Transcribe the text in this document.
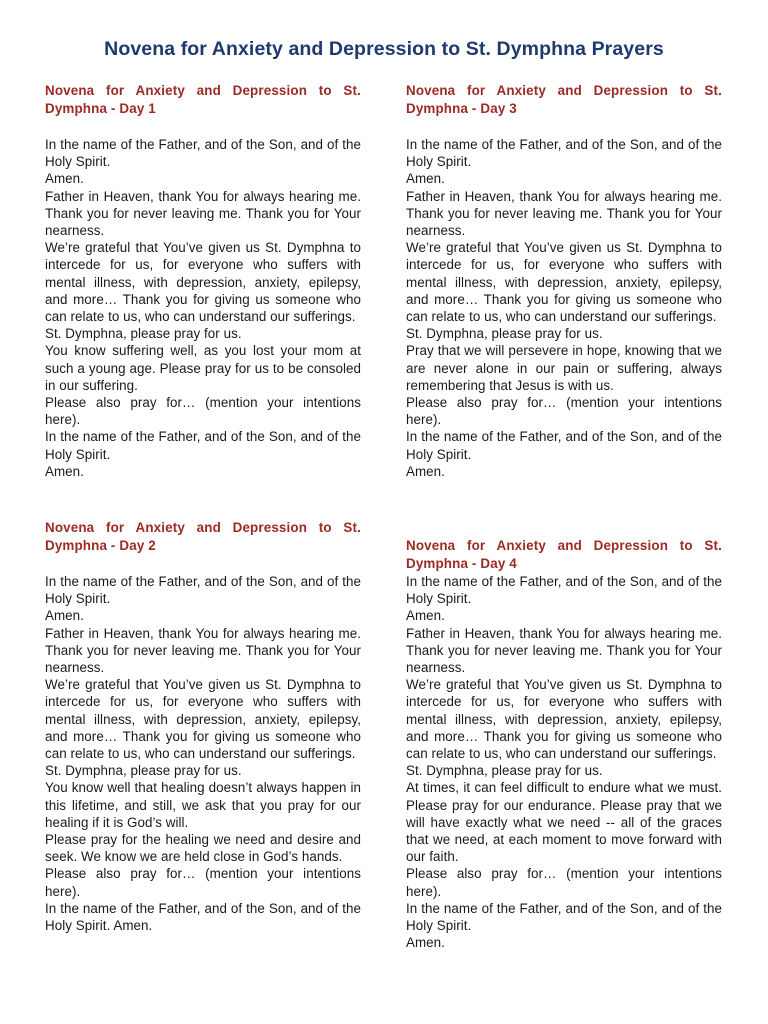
Novena for Anxiety and Depression to St. Dymphna Prayers
Novena for Anxiety and Depression to St. Dymphna - Day 1
In the name of the Father, and of the Son, and of the Holy Spirit.
Amen.
Father in Heaven, thank You for always hearing me. Thank you for never leaving me. Thank you for Your nearness.
We’re grateful that You’ve given us St. Dymphna to intercede for us, for everyone who suffers with mental illness, with depression, anxiety, epilepsy, and more… Thank you for giving us someone who can relate to us, who can understand our sufferings.
St. Dymphna, please pray for us.
You know suffering well, as you lost your mom at such a young age. Please pray for us to be consoled in our suffering.
Please also pray for… (mention your intentions here).
In the name of the Father, and of the Son, and of the Holy Spirit.
Amen.
Novena for Anxiety and Depression to St. Dymphna - Day 2
In the name of the Father, and of the Son, and of the Holy Spirit.
Amen.
Father in Heaven, thank You for always hearing me. Thank you for never leaving me. Thank you for Your nearness.
We’re grateful that You’ve given us St. Dymphna to intercede for us, for everyone who suffers with mental illness, with depression, anxiety, epilepsy, and more… Thank you for giving us someone who can relate to us, who can understand our sufferings.
St. Dymphna, please pray for us.
You know well that healing doesn’t always happen in this lifetime, and still, we ask that you pray for our healing if it is God’s will.
Please pray for the healing we need and desire and seek. We know we are held close in God’s hands.
Please also pray for… (mention your intentions here).
In the name of the Father, and of the Son, and of the Holy Spirit. Amen.
Novena for Anxiety and Depression to St. Dymphna - Day 3
In the name of the Father, and of the Son, and of the Holy Spirit.
Amen.
Father in Heaven, thank You for always hearing me. Thank you for never leaving me. Thank you for Your nearness.
We’re grateful that You’ve given us St. Dymphna to intercede for us, for everyone who suffers with mental illness, with depression, anxiety, epilepsy, and more… Thank you for giving us someone who can relate to us, who can understand our sufferings.
St. Dymphna, please pray for us.
Pray that we will persevere in hope, knowing that we are never alone in our pain or suffering, always remembering that Jesus is with us.
Please also pray for… (mention your intentions here).
In the name of the Father, and of the Son, and of the Holy Spirit.
Amen.
Novena for Anxiety and Depression to St. Dymphna - Day 4
In the name of the Father, and of the Son, and of the Holy Spirit.
Amen.
Father in Heaven, thank You for always hearing me. Thank you for never leaving me. Thank you for Your nearness.
We’re grateful that You’ve given us St. Dymphna to intercede for us, for everyone who suffers with mental illness, with depression, anxiety, epilepsy, and more… Thank you for giving us someone who can relate to us, who can understand our sufferings.
St. Dymphna, please pray for us.
At times, it can feel difficult to endure what we must. Please pray for our endurance. Please pray that we will have exactly what we need -- all of the graces that we need, at each moment to move forward with our faith.
Please also pray for… (mention your intentions here).
In the name of the Father, and of the Son, and of the Holy Spirit.
Amen.
